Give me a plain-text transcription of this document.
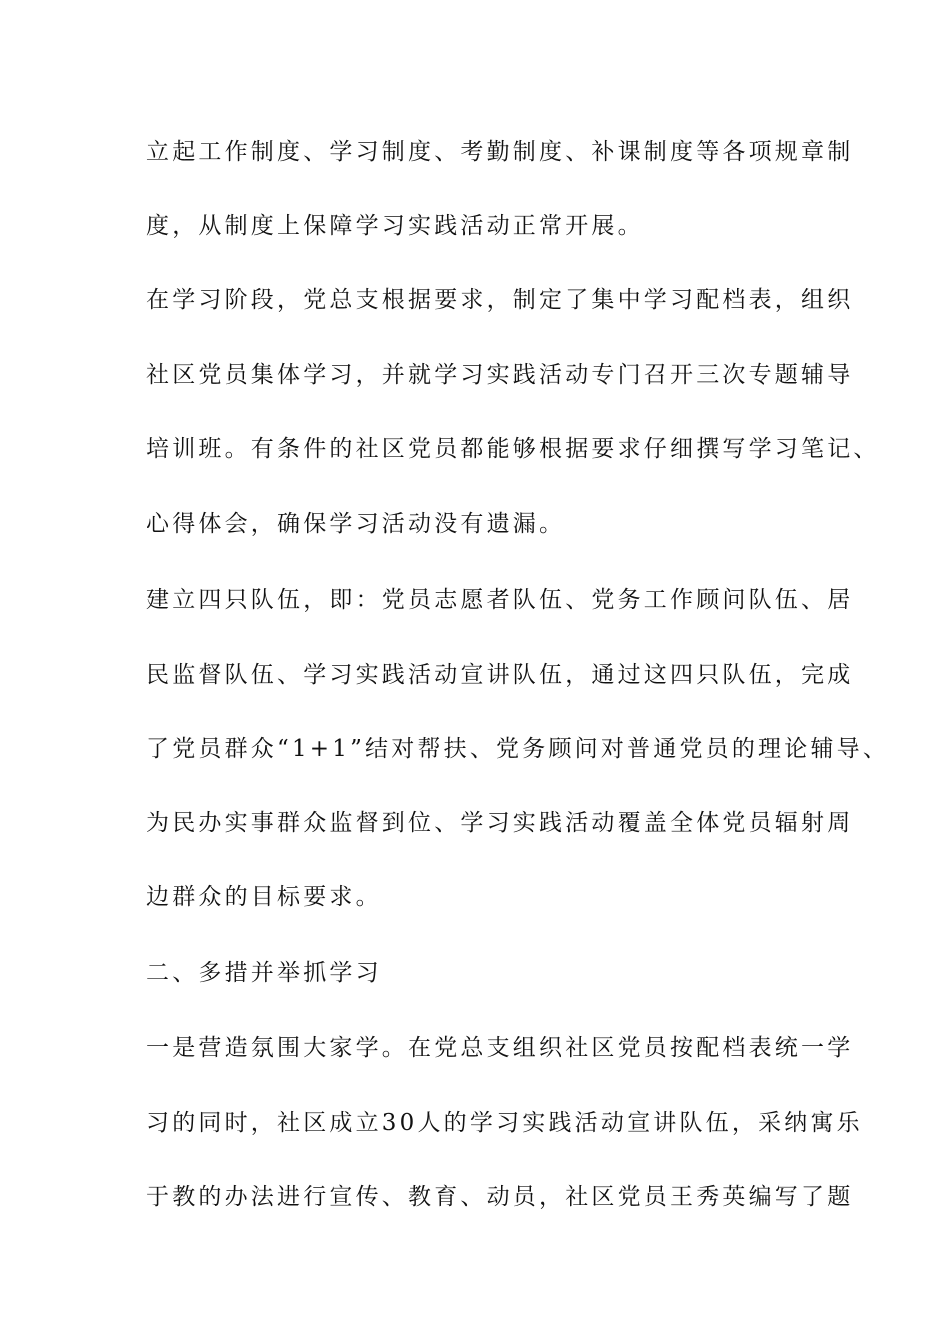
立起工作制度、学习制度、考勤制度、补课制度等各项规章制
度，从制度上保障学习实践活动正常开展。
在学习阶段，党总支根据要求，制定了集中学习配档表，组织
社区党员集体学习，并就学习实践活动专门召开三次专题辅导
培训班。有条件的社区党员都能够根据要求仔细撰写学习笔记、
心得体会，确保学习活动没有遗漏。
建立四只队伍，即：党员志愿者队伍、党务工作顾问队伍、居
民监督队伍、学习实践活动宣讲队伍，通过这四只队伍，完成
了党员群众“1+1”结对帮扶、党务顾问对普通党员的理论辅导、
为民办实事群众监督到位、学习实践活动覆盖全体党员辐射周
边群众的目标要求。
二、多措并举抓学习
一是营造氛围大家学。在党总支组织社区党员按配档表统一学
习的同时，社区成立30人的学习实践活动宣讲队伍，采纳寓乐
于教的办法进行宣传、教育、动员，社区党员王秀英编写了题
